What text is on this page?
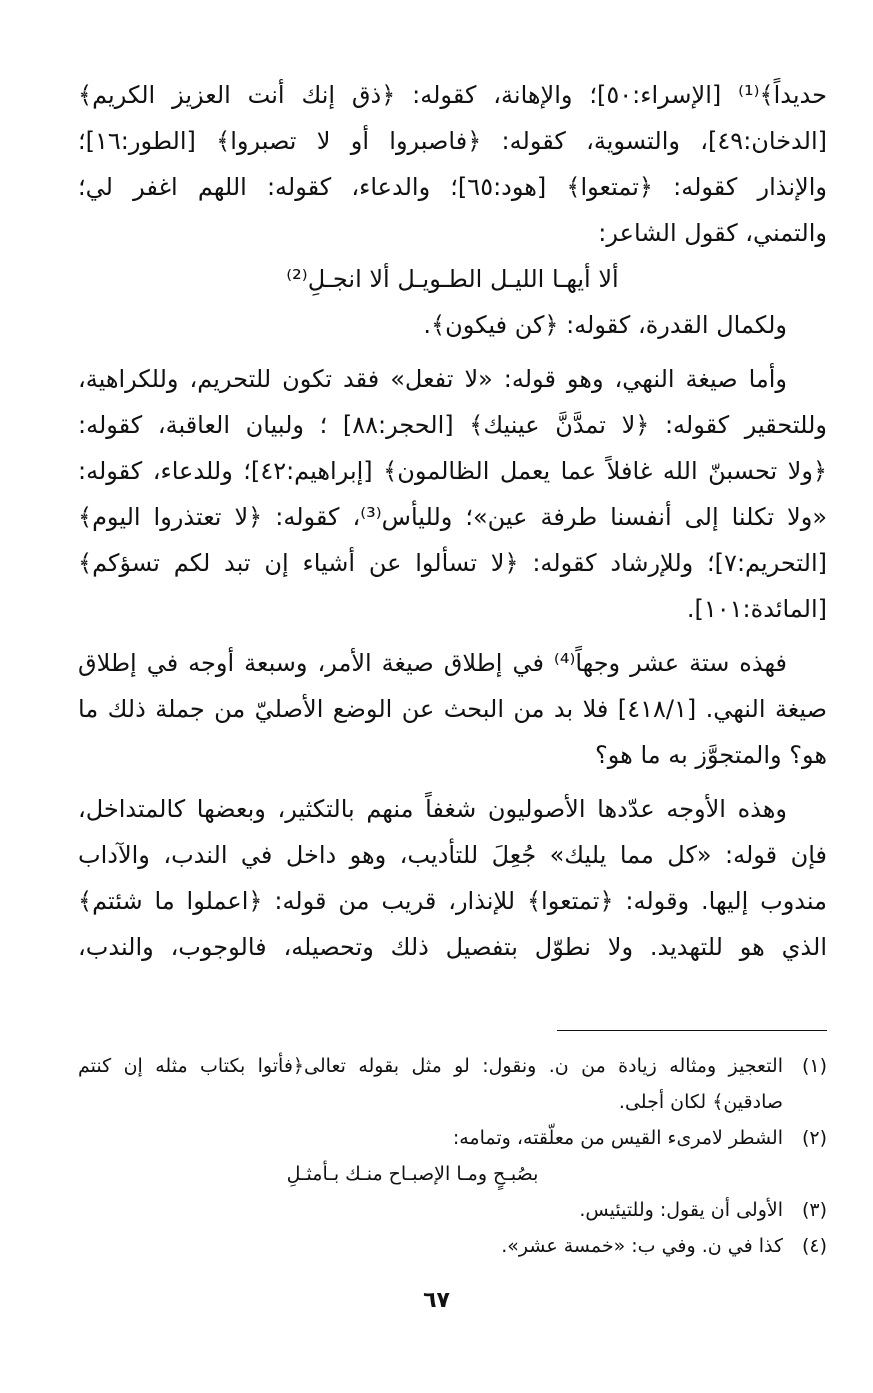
حديداً﴾⁽¹⁾ [الإسراء:٥٠]؛ والإهانة، كقوله: ﴿ذق إنك أنت العزيز الكريم﴾
[الدخان:٤٩]، والتسوية، كقوله: ﴿فاصبروا أو لا تصبروا﴾ [الطور:١٦]؛
والإنذار كقوله: ﴿تمتعوا﴾ [هود:٦٥]؛ والدعاء، كقوله: اللهم اغفر لي؛
والتمني، كقول الشاعر:
ألا أيهـا الليـل الطـويـل ألا انجـلِ⁽²⁾
ولكمال القدرة، كقوله: ﴿كن فيكون﴾.
وأما صيغة النهي، وهو قوله: «لا تفعل» فقد تكون للتحريم، وللكراهية،
وللتحقير كقوله: ﴿لا تمدَّنَّ عينيك﴾ [الحجر:٨٨] ؛ ولبيان العاقبة، كقوله:
﴿ولا تحسبنّ الله غافلاً عما يعمل الظالمون﴾ [إبراهيم:٤٢]؛ وللدعاء، كقوله:
«ولا تكلنا إلى أنفسنا طرفة عين»؛ ولليأس⁽³⁾، كقوله: ﴿لا تعتذروا اليوم﴾
[التحريم:٧]؛ وللإرشاد كقوله: ﴿لا تسألوا عن أشياء إن تبد لكم تسؤكم﴾
[المائدة:١٠١].
فهذه ستة عشر وجهاً⁽⁴⁾ في إطلاق صيغة الأمر، وسبعة أوجه في إطلاق
صيغة النهي. [٤١٨/١] فلا بد من البحث عن الوضع الأصليّ من جملة ذلك ما
هو؟ والمتجوَّز به ما هو؟
وهذه الأوجه عدّدها الأصوليون شغفاً منهم بالتكثير، وبعضها كالمتداخل،
فإن قوله: «كل مما يليك» جُعِلَ للتأديب، وهو داخل في الندب، والآداب
مندوب إليها. وقوله: ﴿تمتعوا﴾ للإنذار، قريب من قوله: ﴿اعملوا ما شئتم﴾
الذي هو للتهديد. ولا نطوّل بتفصيل ذلك وتحصيله، فالوجوب، والندب،
(١)
التعجيز ومثاله زيادة من ن. ونقول: لو مثل بقوله تعالى﴿فأتوا بكتاب مثله إن كنتم
صادقين﴾ لكان أجلى.
(٢)
الشطر لامرىء القيس من معلّقته، وتمامه:
بصُبـحٍ ومـا الإصبـاح منـك بـأمثـلِ
(٣)
الأولى أن يقول: وللتيئيس.
(٤)
كذا في ن. وفي ب: «خمسة عشر».
٦٧
